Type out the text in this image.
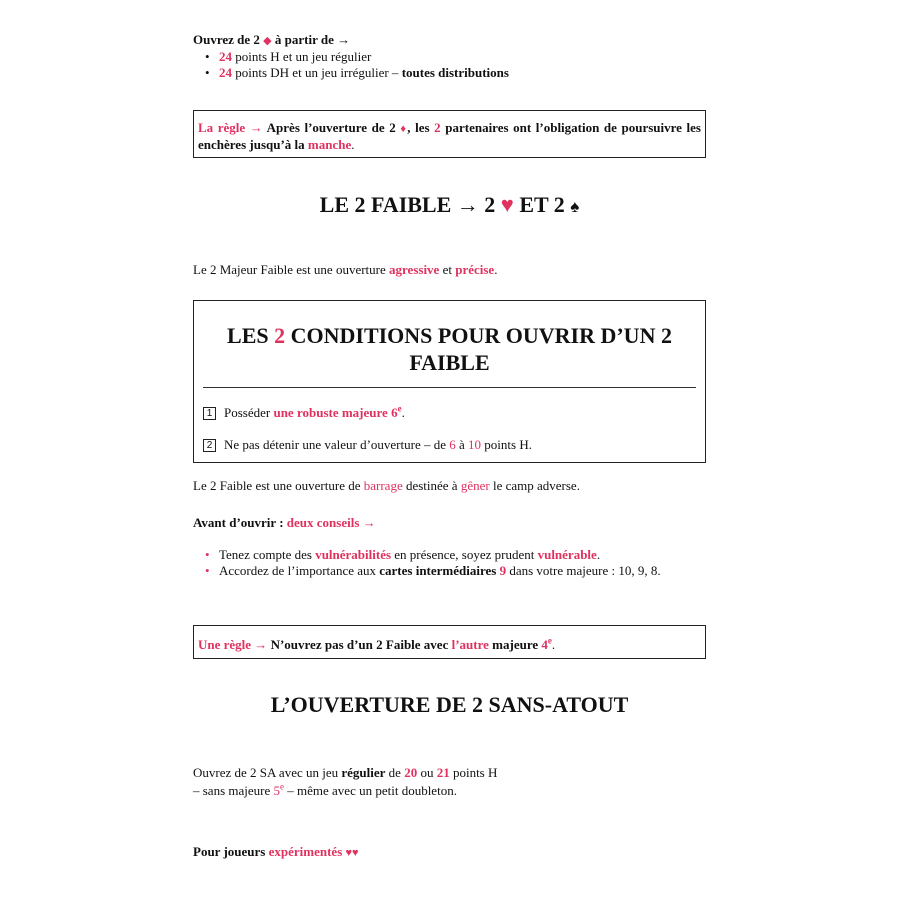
Ouvrez de 2 ◆ à partir de →
• 24 points H et un jeu régulier
• 24 points DH et un jeu irrégulier – toutes distributions
La règle → Après l’ouverture de 2 ♦, les 2 partenaires ont l’obligation de poursuivre les enchères jusqu’à la manche.
LE 2 FAIBLE → 2 ♥ ET 2 ♠
Le 2 Majeur Faible est une ouverture agressive et précise.
LES 2 CONDITIONS POUR OUVRIR D’UN 2 FAIBLE
1 Posséder une robuste majeure 6e.
2 Ne pas détenir une valeur d’ouverture – de 6 à 10 points H.
Le 2 Faible est une ouverture de barrage destinée à gêner le camp adverse.
Avant d’ouvrir : deux conseils →
• Tenez compte des vulnérabilités en présence, soyez prudent vulnérable.
• Accordez de l’importance aux cartes intermédiaires 9 dans votre majeure : 10, 9, 8.
Une règle → N’ouvrez pas d’un 2 Faible avec l’autre majeure 4e.
L’OUVERTURE DE 2 SANS-ATOUT
Ouvrez de 2 SA avec un jeu régulier de 20 ou 21 points H
– sans majeure 5e – même avec un petit doubleton.
Pour joueurs expérimentés ♥♥
